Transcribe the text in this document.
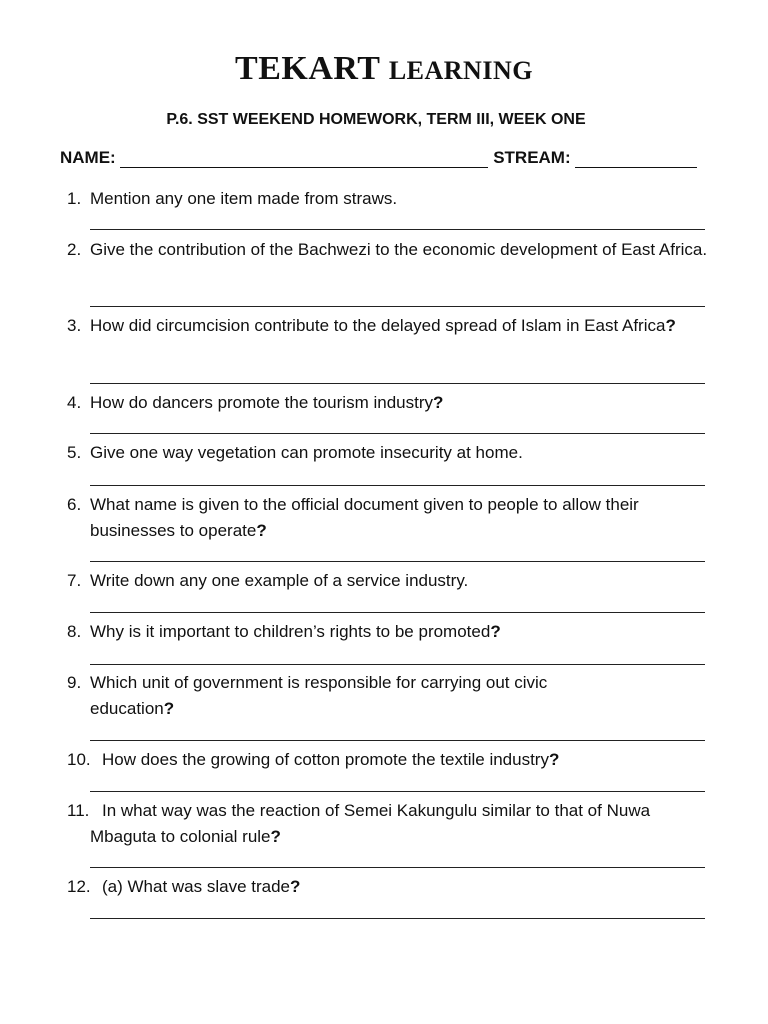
TEKART LEARNING
P.6. SST WEEKEND HOMEWORK, TERM III, WEEK ONE
NAME:	STREAM:
1. Mention any one item made from straws.
2. Give the contribution of the Bachwezi to the economic development of East Africa.
3. How did circumcision contribute to the delayed spread of Islam in East Africa?
4. How do dancers promote the tourism industry?
5. Give one way vegetation can promote insecurity at home.
6. What name is given to the official document given to people to allow their businesses to operate?
7. Write down any one example of a service industry.
8. Why is it important to children’s rights to be promoted?
9. Which unit of government is responsible for carrying out civic education?
10. How does the growing of cotton promote the textile industry?
11. In what way was the reaction of Semei Kakungulu similar to that of Nuwa Mbaguta to colonial rule?
12. (a) What was slave trade?
